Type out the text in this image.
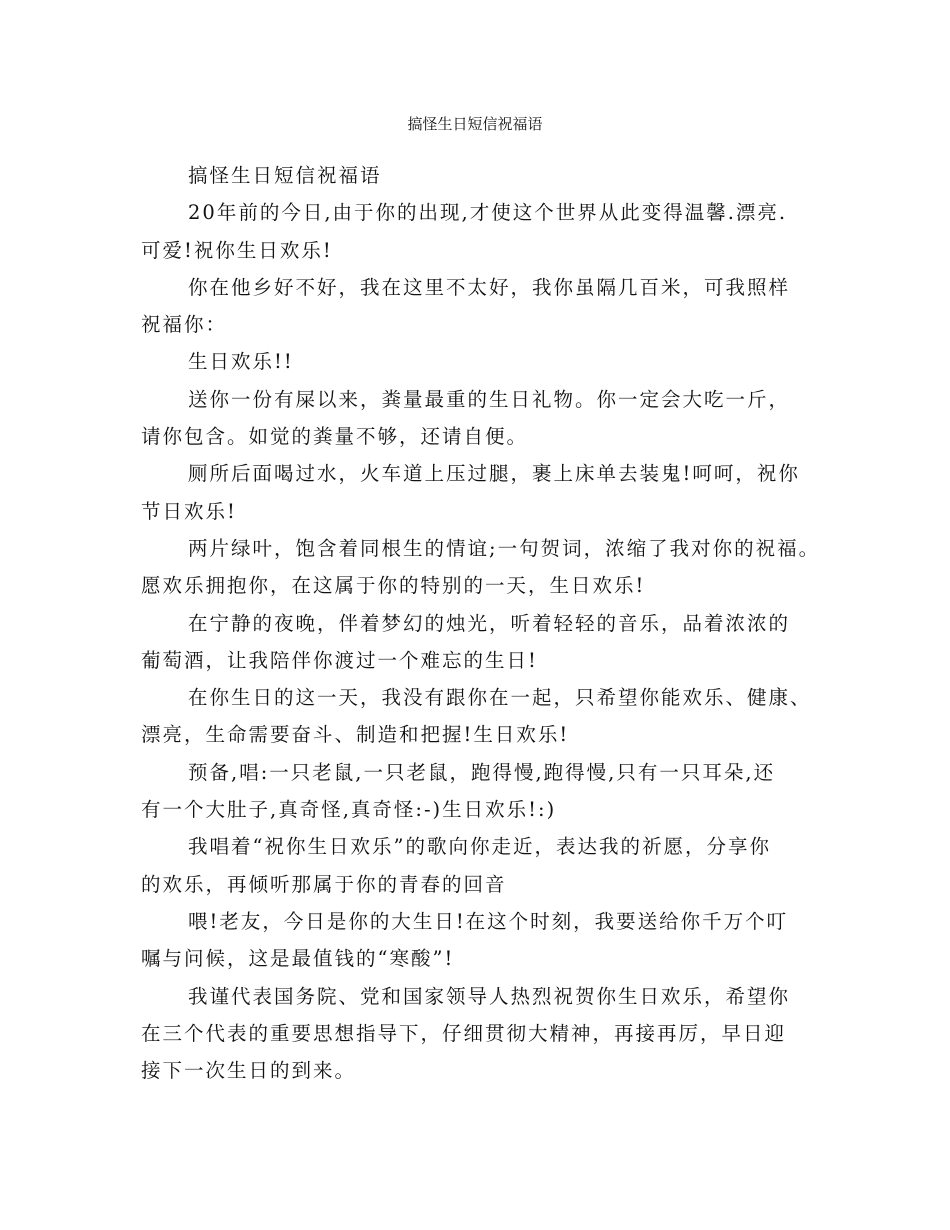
搞怪生日短信祝福语

搞怪生日短信祝福语

20年前的今日,由于你的出现,才使这个世界从此变得温馨.漂亮.
可爱!祝你生日欢乐!

你在他乡好不好，我在这里不太好，我你虽隔几百米，可我照样
祝福你：

生日欢乐!!

送你一份有屎以来，粪量最重的生日礼物。你一定会大吃一斤，
请你包含。如觉的粪量不够，还请自便。

厕所后面喝过水，火车道上压过腿，裹上床单去装鬼!呵呵，祝你
节日欢乐!

两片绿叶，饱含着同根生的情谊;一句贺词，浓缩了我对你的祝福。
愿欢乐拥抱你，在这属于你的特别的一天，生日欢乐!

在宁静的夜晚，伴着梦幻的烛光，听着轻轻的音乐，品着浓浓的
葡萄酒，让我陪伴你渡过一个难忘的生日!

在你生日的这一天，我没有跟你在一起，只希望你能欢乐、健康、
漂亮，生命需要奋斗、制造和把握!生日欢乐!

预备,唱:一只老鼠,一只老鼠，跑得慢,跑得慢,只有一只耳朵,还
有一个大肚子,真奇怪,真奇怪:-)生日欢乐!:)

我唱着“祝你生日欢乐”的歌向你走近，表达我的祈愿，分享你
的欢乐，再倾听那属于你的青春的回音

喂!老友，今日是你的大生日!在这个时刻，我要送给你千万个叮
嘱与问候，这是最值钱的“寒酸”!

我谨代表国务院、党和国家领导人热烈祝贺你生日欢乐，希望你
在三个代表的重要思想指导下，仔细贯彻大精神，再接再厉，早日迎
接下一次生日的到来。
